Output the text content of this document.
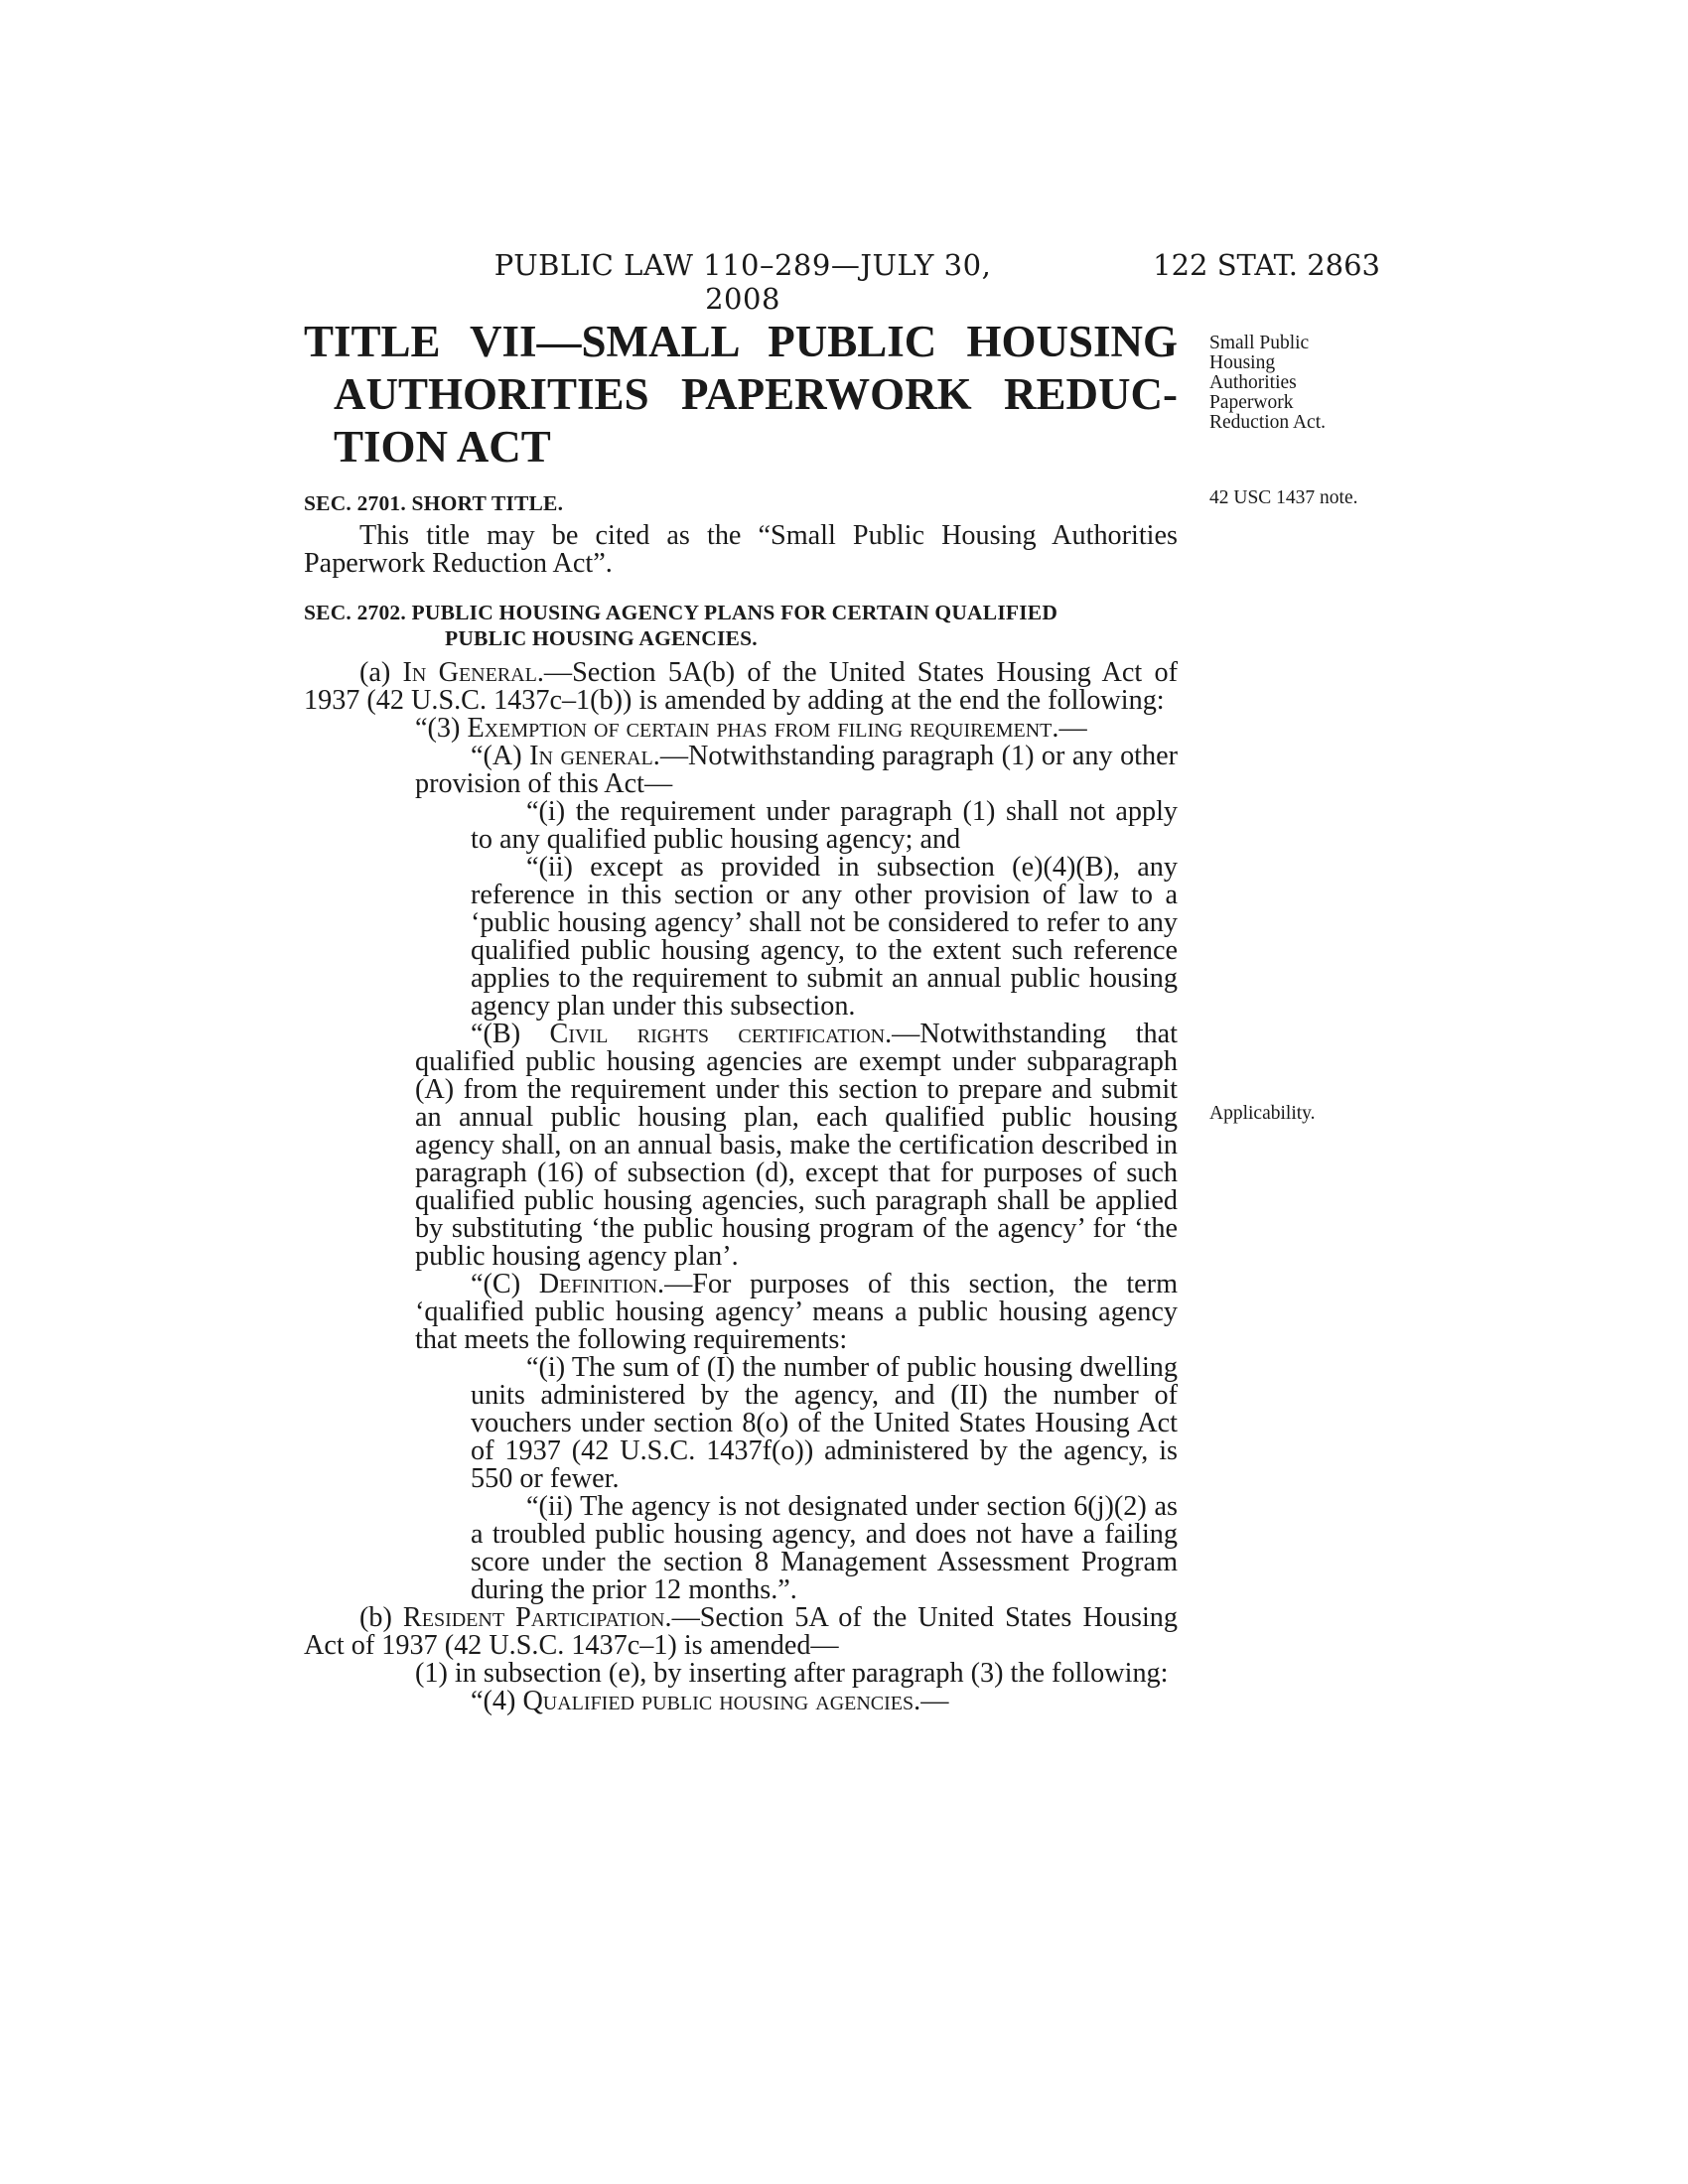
PUBLIC LAW 110–289—JULY 30, 2008
122 STAT. 2863
TITLE VII—SMALL PUBLIC HOUSING
AUTHORITIES PAPERWORK REDUC-
TION ACT
Small Public Housing Authorities Paperwork Reduction Act.
42 USC 1437 note.
Applicability.
SEC. 2701. SHORT TITLE.

This title may be cited as the “Small Public Housing Authorities Paperwork Reduction Act”.

SEC. 2702. PUBLIC HOUSING AGENCY PLANS FOR CERTAIN QUALIFIED
PUBLIC HOUSING AGENCIES.

(a) In General.—Section 5A(b) of the United States Housing Act of 1937 (42 U.S.C. 1437c–1(b)) is amended by adding at the end the following:

“(3) Exemption of certain phas from filing requirement.—

“(A) In general.—Notwithstanding paragraph (1) or any other provision of this Act—

“(i) the requirement under paragraph (1) shall not apply to any qualified public housing agency; and

“(ii) except as provided in subsection (e)(4)(B), any reference in this section or any other provision of law to a ‘public housing agency’ shall not be considered to refer to any qualified public housing agency, to the extent such reference applies to the requirement to submit an annual public housing agency plan under this subsection.

“(B) Civil rights certification.—Notwithstanding that qualified public housing agencies are exempt under subparagraph (A) from the requirement under this section to prepare and submit an annual public housing plan, each qualified public housing agency shall, on an annual basis, make the certification described in paragraph (16) of subsection (d), except that for purposes of such qualified public housing agencies, such paragraph shall be applied by substituting ‘the public housing program of the agency’ for ‘the public housing agency plan’.

“(C) Definition.—For purposes of this section, the term ‘qualified public housing agency’ means a public housing agency that meets the following requirements:

“(i) The sum of (I) the number of public housing dwelling units administered by the agency, and (II) the number of vouchers under section 8(o) of the United States Housing Act of 1937 (42 U.S.C. 1437f(o)) administered by the agency, is 550 or fewer.

“(ii) The agency is not designated under section 6(j)(2) as a troubled public housing agency, and does not have a failing score under the section 8 Management Assessment Program during the prior 12 months.”.

(b) Resident Participation.—Section 5A of the United States Housing Act of 1937 (42 U.S.C. 1437c–1) is amended—

(1) in subsection (e), by inserting after paragraph (3) the following:

“(4) Qualified public housing agencies.—
